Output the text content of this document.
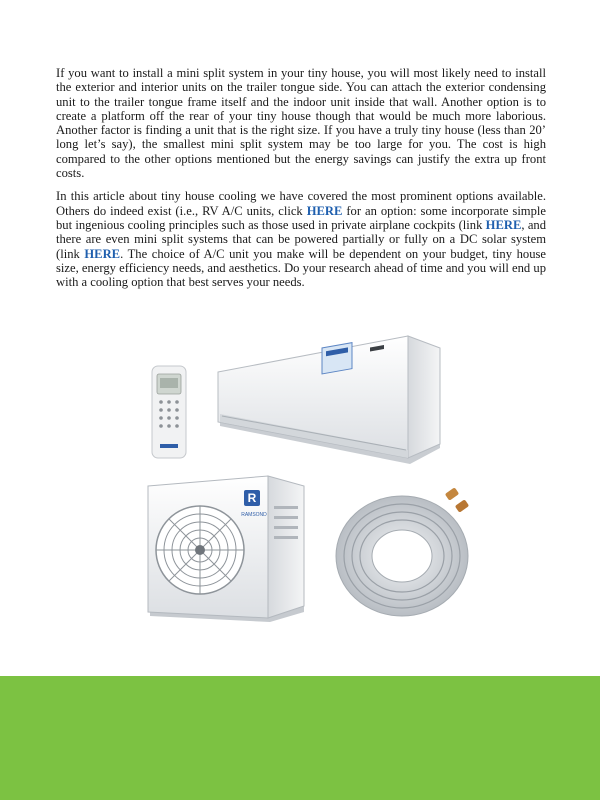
If you want to install a mini split system in your tiny house, you will most likely need to install the exterior and interior units on the trailer tongue side. You can attach the exterior condensing unit to the trailer tongue frame itself and the indoor unit inside that wall. Another option is to create a platform off the rear of your tiny house though that would be much more laborious. Another factor is finding a unit that is the right size. If you have a truly tiny house (less than 20’ long let’s say), the smallest mini split system may be too large for you. The cost is high compared to the other options mentioned but the energy savings can justify the extra up front costs.

In this article about tiny house cooling we have covered the most prominent options available. Others do indeed exist (i.e., RV A/C units, click HERE for an option: some incorporate simple but ingenious cooling principles such as those used in private airplane cockpits (link HERE, and there are even mini split systems that can be powered partially or fully on a DC solar system (link HERE. The choice of A/C unit you make will be dependent on your budget, tiny house size, energy efficiency needs, and aesthetics. Do your research ahead of time and you will end up with a cooling option that best serves your needs.

R
RAMSOND
